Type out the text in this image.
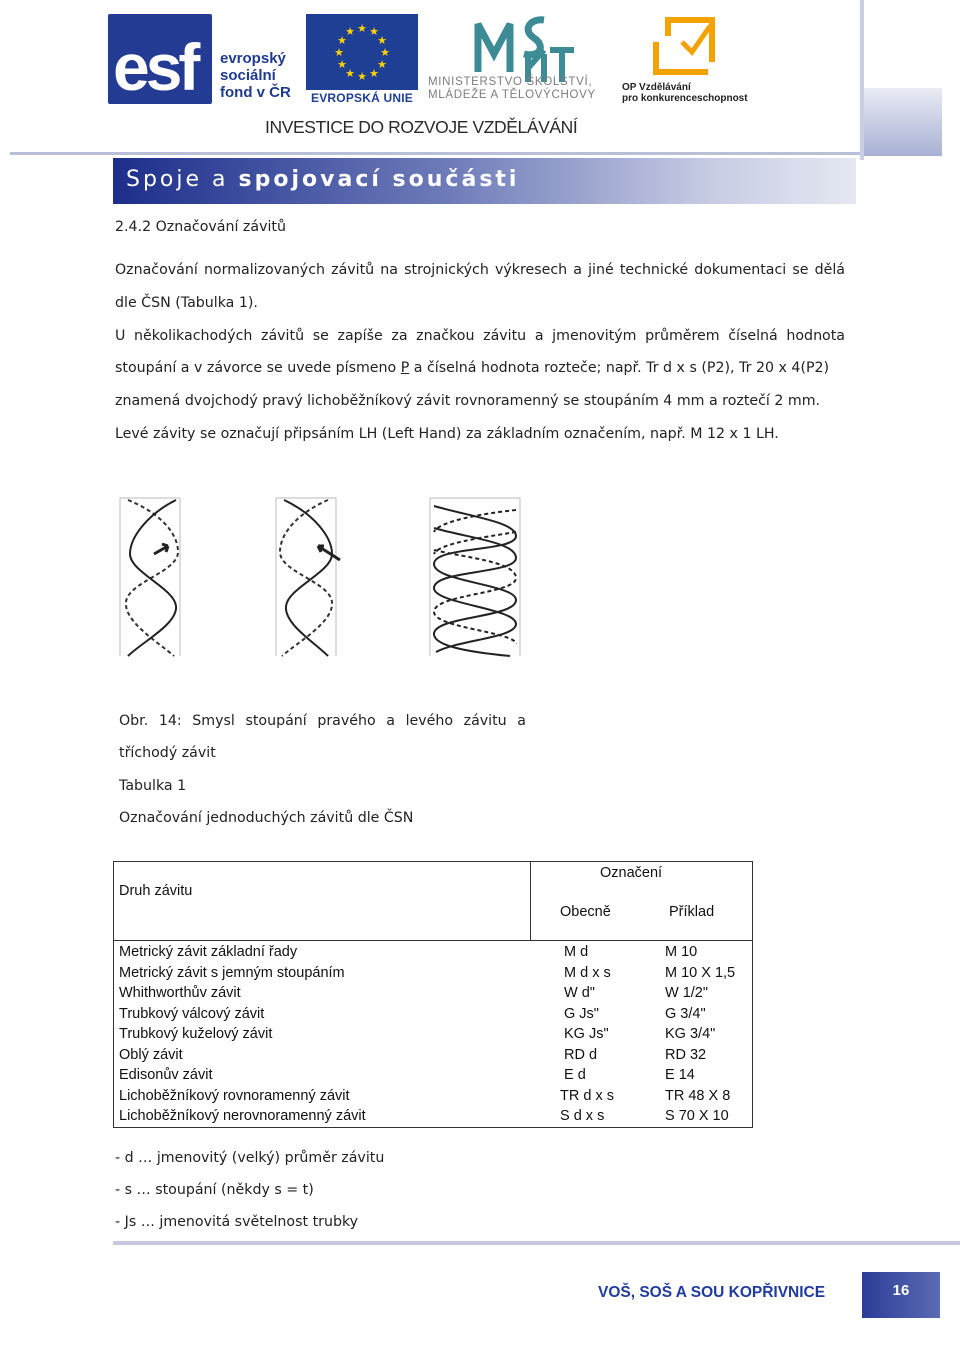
esf evropský
sociální
fond v ČR
★ ★
★
★
★
★
★
★
★
★
★
★
EVROPSKÁ UNIE
MINISTERSTVO ŠKOLSTVÍ,
MLÁDEŽE A TĚLOVÝCHOVY
OP Vzdělávání
pro konkurenceschopnost
INVESTICE DO ROZVOJE VZDĚLÁVÁNÍ
Spoje a spojovací součásti
2.4.2 Označování závitů
Označování normalizovaných závitů na strojnických výkresech a jiné technické dokumentaci se dělá
dle ČSN (Tabulka 1).
U několikachodých závitů se zapíše za značkou závitu a jmenovitým průměrem číselná hodnota
stoupání a v závorce se uvede písmeno P a číselná hodnota rozteče; např. Tr d x s (P2), Tr 20 x 4(P2)
znamená dvojchodý pravý lichoběžníkový závit rovnoramenný se stoupáním 4 mm a roztečí 2 mm.
Levé závity se označují připsáním LH (Left Hand) za základním označením, např. M 12 x 1 LH.
Obr. 14: Smysl stoupání pravého a levého závitu a
tříchodý závit
Tabulka 1
Označování jednoduchých závitů dle ČSN
Druh závitu
Označení
Obecně	Příklad
Metrický závit základní řady	M d	M 10
Metrický závit s jemným stoupáním	M d x s	M 10 X 1,5
Whithworthův závit	W d"	W 1/2"
Trubkový válcový závit	G Js"	G 3/4"
Trubkový kuželový závit	KG Js"	KG 3/4"
Oblý závit	RD d	RD 32
Edisonův závit	E d	E 14
Lichoběžníkový rovnoramenný závit	TR d x s	TR 48 X 8
Lichoběžníkový nerovnoramenný závit	S d x s	S 70 X 10
- d … jmenovitý (velký) průměr závitu
- s … stoupání (někdy s = t)
- Js … jmenovitá světelnost trubky
VOŠ, SOŠ A SOU KOPŘIVNICE	16
